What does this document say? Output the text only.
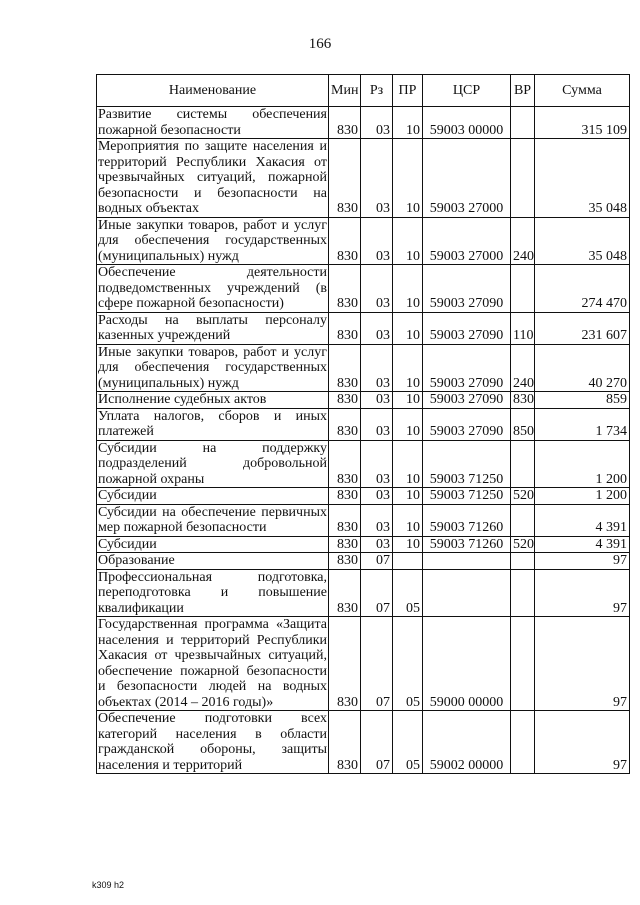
166
Наименование	Мин	Рз	ПР	ЦСР	ВР	Сумма
Развитие системы обеспечения пожарной безопасности	830	03	10	59003 00000		315 109
Мероприятия по защите населения и территорий Республики Хакасия от чрезвычайных ситуаций, пожарной безопасности и безопасности на водных объектах	830	03	10	59003 27000		35 048
Иные закупки товаров, работ и услуг для обеспечения государственных (муниципальных) нужд	830	03	10	59003 27000	240	35 048
Обеспечение деятельности подведомственных учреждений (в сфере пожарной безопасности)	830	03	10	59003 27090		274 470
Расходы на выплаты персоналу казенных учреждений	830	03	10	59003 27090	110	231 607
Иные закупки товаров, работ и услуг для обеспечения государственных (муниципальных) нужд	830	03	10	59003 27090	240	40 270
Исполнение судебных актов	830	03	10	59003 27090	830	859
Уплата налогов, сборов и иных платежей	830	03	10	59003 27090	850	1 734
Субсидии на поддержку подразделений добровольной пожарной охраны	830	03	10	59003 71250		1 200
Субсидии	830	03	10	59003 71250	520	1 200
Субсидии на обеспечение первичных мер пожарной безопасности	830	03	10	59003 71260		4 391
Субсидии	830	03	10	59003 71260	520	4 391
Образование	830	07				97
Профессиональная подготовка, переподготовка и повышение квалификации	830	07	05			97
Государственная программа «Защита населения и территорий Республики Хакасия от чрезвычайных ситуаций, обеспечение пожарной безопасности и безопасности людей на водных объектах (2014 – 2016 годы)»	830	07	05	59000 00000		97
Обеспечение подготовки всех категорий населения в области гражданской обороны, защиты населения и территорий	830	07	05	59002 00000		97
k309 h2
